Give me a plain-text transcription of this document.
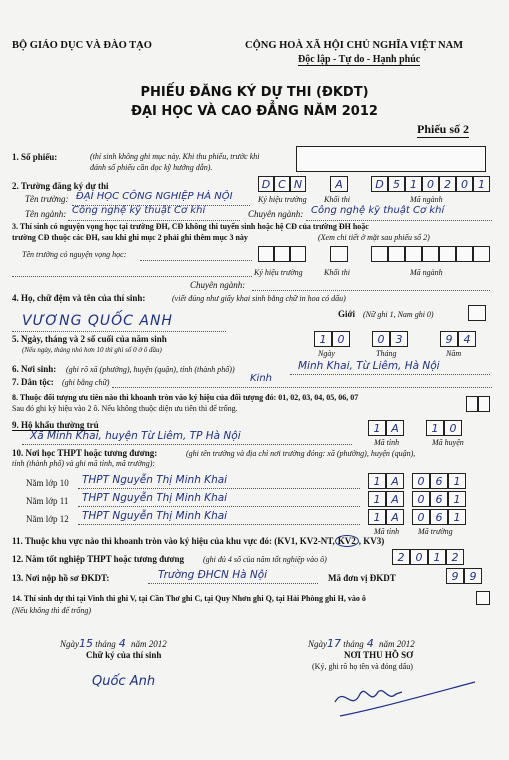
BỘ GIÁO DỤC VÀ ĐÀO TẠO	CỘNG HOÀ XÃ HỘI CHỦ NGHĨA VIỆT NAM
Độc lập - Tự do - Hạnh phúc
PHIẾU ĐĂNG KÝ DỰ THI (ĐKDT)
ĐẠI HỌC VÀ CAO ĐẲNG NĂM 2012
Phiếu số 2
1. Số phiếu:	(thí sinh không ghi mục này. Khi thu phiếu, trước khi
đánh số phiếu cần đọc kỹ hướng dẫn).
2. Trường đăng ký dự thi	D C N	A	D 5 1 0 2 0 1
Tên trường: ĐẠI HỌC CÔNG NGHIỆP HÀ NỘI	Ký hiệu trường Khối thi	Mã ngành
Tên ngành: Công nghệ kỹ thuật Cơ khí	Chuyên ngành: Công nghệ kỹ thuật Cơ khí
3. Thí sinh có nguyện vọng học tại trường ĐH, CĐ không thi tuyển sinh hoặc hệ CĐ của trường ĐH hoặc
trường CĐ thuộc các ĐH, sau khi ghi mục 2 phải ghi thêm mục 3 này	(Xem chi tiết ở mặt sau phiếu số 2)
Tên trường có nguyện vọng học:
Ký hiệu trường	Khối thi	Mã ngành
Chuyên ngành:
4. Họ, chữ đệm và tên của thí sinh:	(viết đúng như giấy khai sinh bằng chữ in hoa có dấu)
VƯƠNG QUỐC ANH	Giới (Nữ ghi 1, Nam ghi 0)
5. Ngày, tháng và 2 số cuối của năm sinh
(Nếu ngày, tháng nhỏ hơn 10 thì ghi số 0 ở ô đầu)
1	0	0	3	9	4
Ngày	Tháng	Năm
6. Nơi sinh: (ghi rõ xã (phường), huyện (quận), tỉnh (thành phố))	Minh Khai, Từ Liêm, Hà Nội
7. Dân tộc: (ghi bằng chữ)	Kinh
8. Thuộc đối tượng ưu tiên nào thì khoanh tròn vào ký hiệu của đối tượng đó: 01, 02, 03, 04, 05, 06, 07
Sau đó ghi ký hiệu vào 2 ô. Nếu không thuộc diện ưu tiên thì để trống.
9. Hộ khẩu thường trú
Xã Minh Khai, huyện Từ Liêm, TP Hà Nội
1 A	1	0
Mã tỉnh	Mã huyện
10. Nơi học THPT hoặc tương đương:	(ghi tên trường và địa chỉ nơi trường đóng: xã (phường), huyện (quận),
tỉnh (thành phố) và ghi mã tỉnh, mã trường):
Năm lớp 10 THPT Nguyễn Thị Minh Khai	1 A	0	6	1
Năm lớp 11 THPT Nguyễn Thị Minh Khai	1 A	0	6	1
Năm lớp 12 THPT Nguyễn Thị Minh Khai	1 A	0	6	1
Mã tỉnh Mã trường
11. Thuộc khu vực nào thì khoanh tròn vào ký hiệu của khu vực đó: (KV1, KV2-NT, KV2 , KV3)
12. Năm tốt nghiệp THPT hoặc tương đương (ghi đủ 4 số của năm tốt nghiệp vào ô)	2	0	1	2
13. Nơi nộp hồ sơ ĐKDT:	Trường ĐHCN Hà Nội	Mã đơn vị ĐKDT	9	9
14. Thí sinh dự thi tại Vinh thì ghi V, tại Cần Thơ ghi C, tại Quy Nhơn ghi Q, tại Hải Phòng ghi H, vào ô
(Nếu không thì để trống)
Ngày15 tháng 4 năm 2012
Chữ ký của thí sinh
Quốc Anh
Ngày17 tháng 4 năm 2012
NƠI THU HỒ SƠ
(Ký, ghi rõ họ tên và đóng dấu)
